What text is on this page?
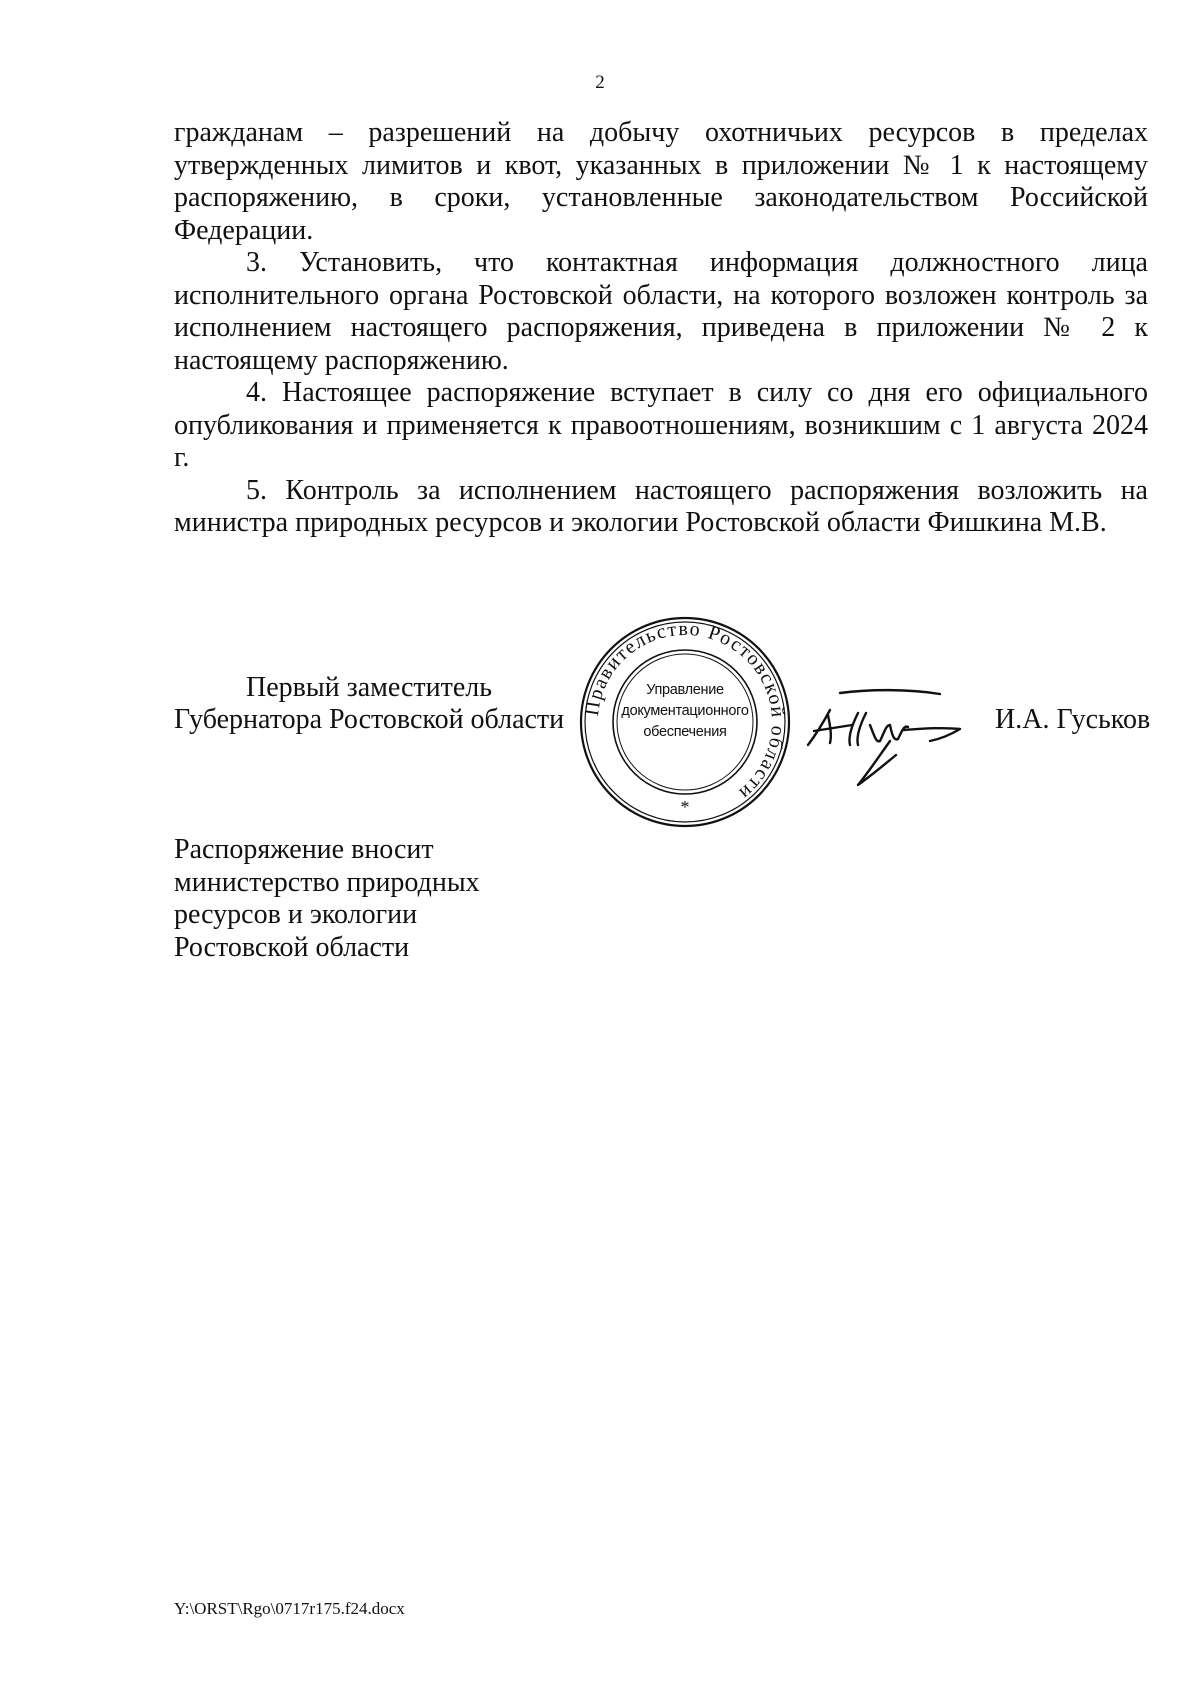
2

гражданам – разрешений на добычу охотничьих ресурсов в пределах утвержденных лимитов и квот, указанных в приложении № 1 к настоящему распоряжению, в сроки, установленные законодательством Российской Федерации.

3. Установить, что контактная информация должностного лица исполнительного органа Ростовской области, на которого возложен контроль за исполнением настоящего распоряжения, приведена в приложении № 2 к настоящему распоряжению.

4. Настоящее распоряжение вступает в силу со дня его официального опубликования и применяется к правоотношениям, возникшим с 1 августа 2024 г.

5. Контроль за исполнением настоящего распоряжения возложить на министра природных ресурсов и экологии Ростовской области Фишкина М.В.

Первый заместитель
Губернатора Ростовской области Правительство Ростовской области
*
Управление
документационного
обеспечения	И.А. Гуськов
Распоряжение вносит
министерство природных
ресурсов и экологии
Ростовской области
Y:\ORST\Rgo\0717r175.f24.docx
